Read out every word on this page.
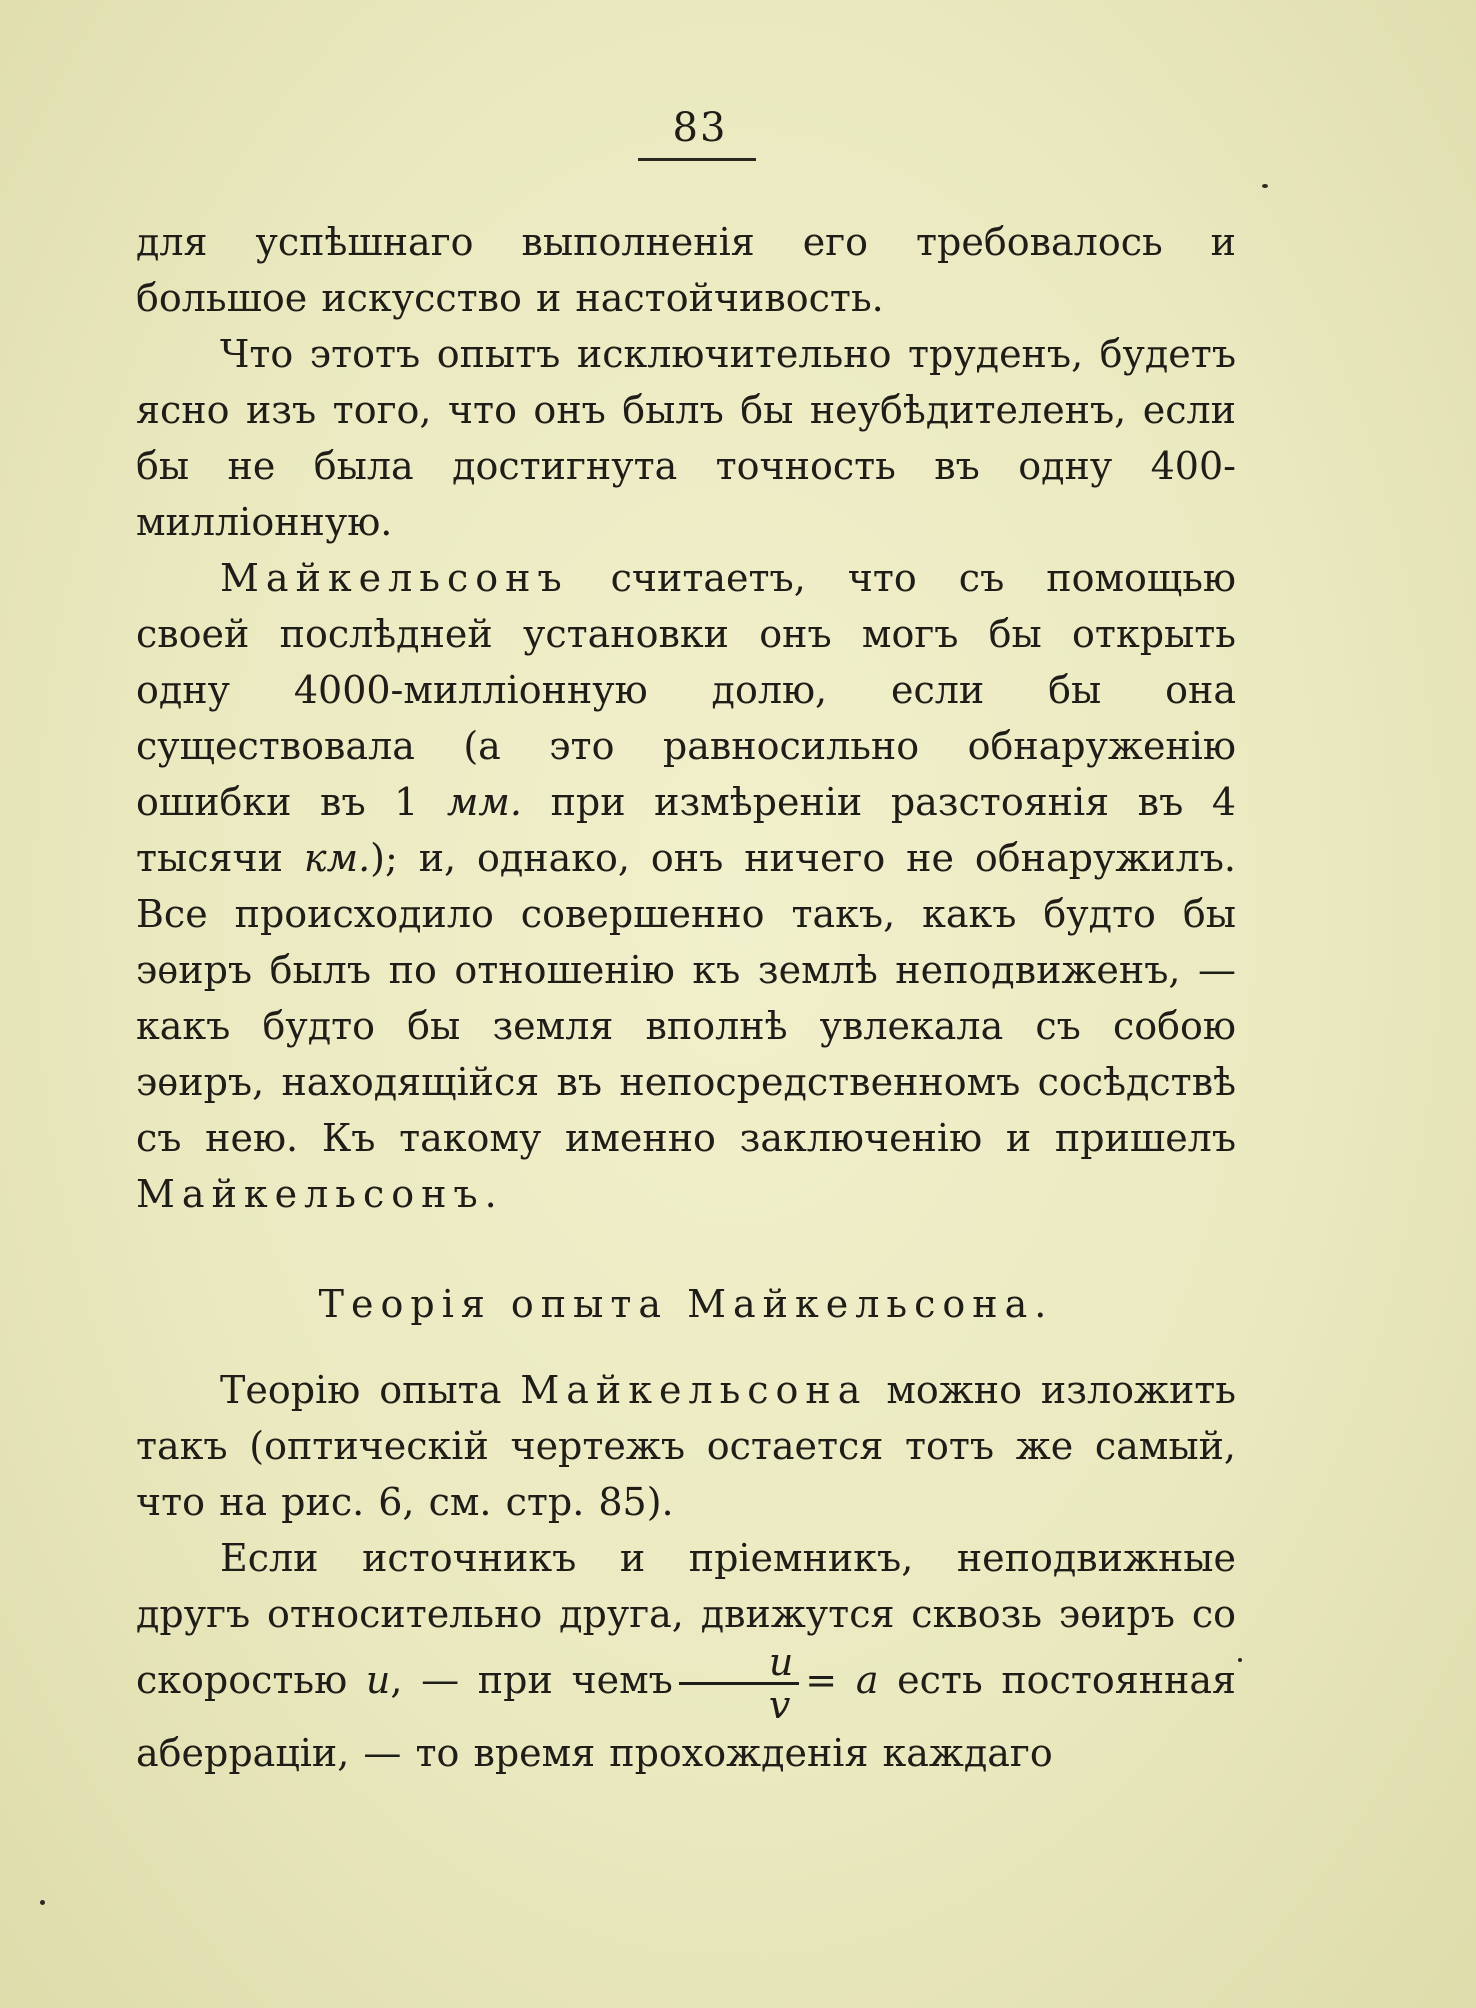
83

для успѣшнаго выполненія его требовалось и большое искусство и настойчивость.

Что этотъ опытъ исключительно труденъ, будетъ ясно изъ того, что онъ былъ бы неубѣдителенъ, если бы не была достигнута точность въ одну 400-милліонную.

Майкельсонъ считаетъ, что съ помощью своей послѣдней установки онъ могъ бы открыть одну 4000-милліонную долю, если бы она существовала (а это равносильно обнаруженію ошибки въ 1 мм. при измѣреніи разстоянія въ 4 тысячи км.); и, однако, онъ ничего не обнаружилъ. Все происходило совершенно такъ, какъ будто бы эѳиръ былъ по отношенію къ землѣ неподвиженъ, — какъ будто бы земля вполнѣ увлекала съ собою эѳиръ, находящійся въ непосредственномъ сосѣдствѣ съ нею. Къ такому именно заключенію и пришелъ Майкельсонъ.

Теорія опыта Майкельсона.

Теорію опыта Майкельсона можно изложить такъ (оптическій чертежъ остается тотъ же самый, что на рис. 6, см. стр. 85).

Если источникъ и пріемникъ, неподвижные другъ относительно друга, движутся сквозь эѳиръ со скоростью u, — при чемъ $\frac{u}{v} = a$ есть постоянная аберраціи, — то время прохожденія каждаго
